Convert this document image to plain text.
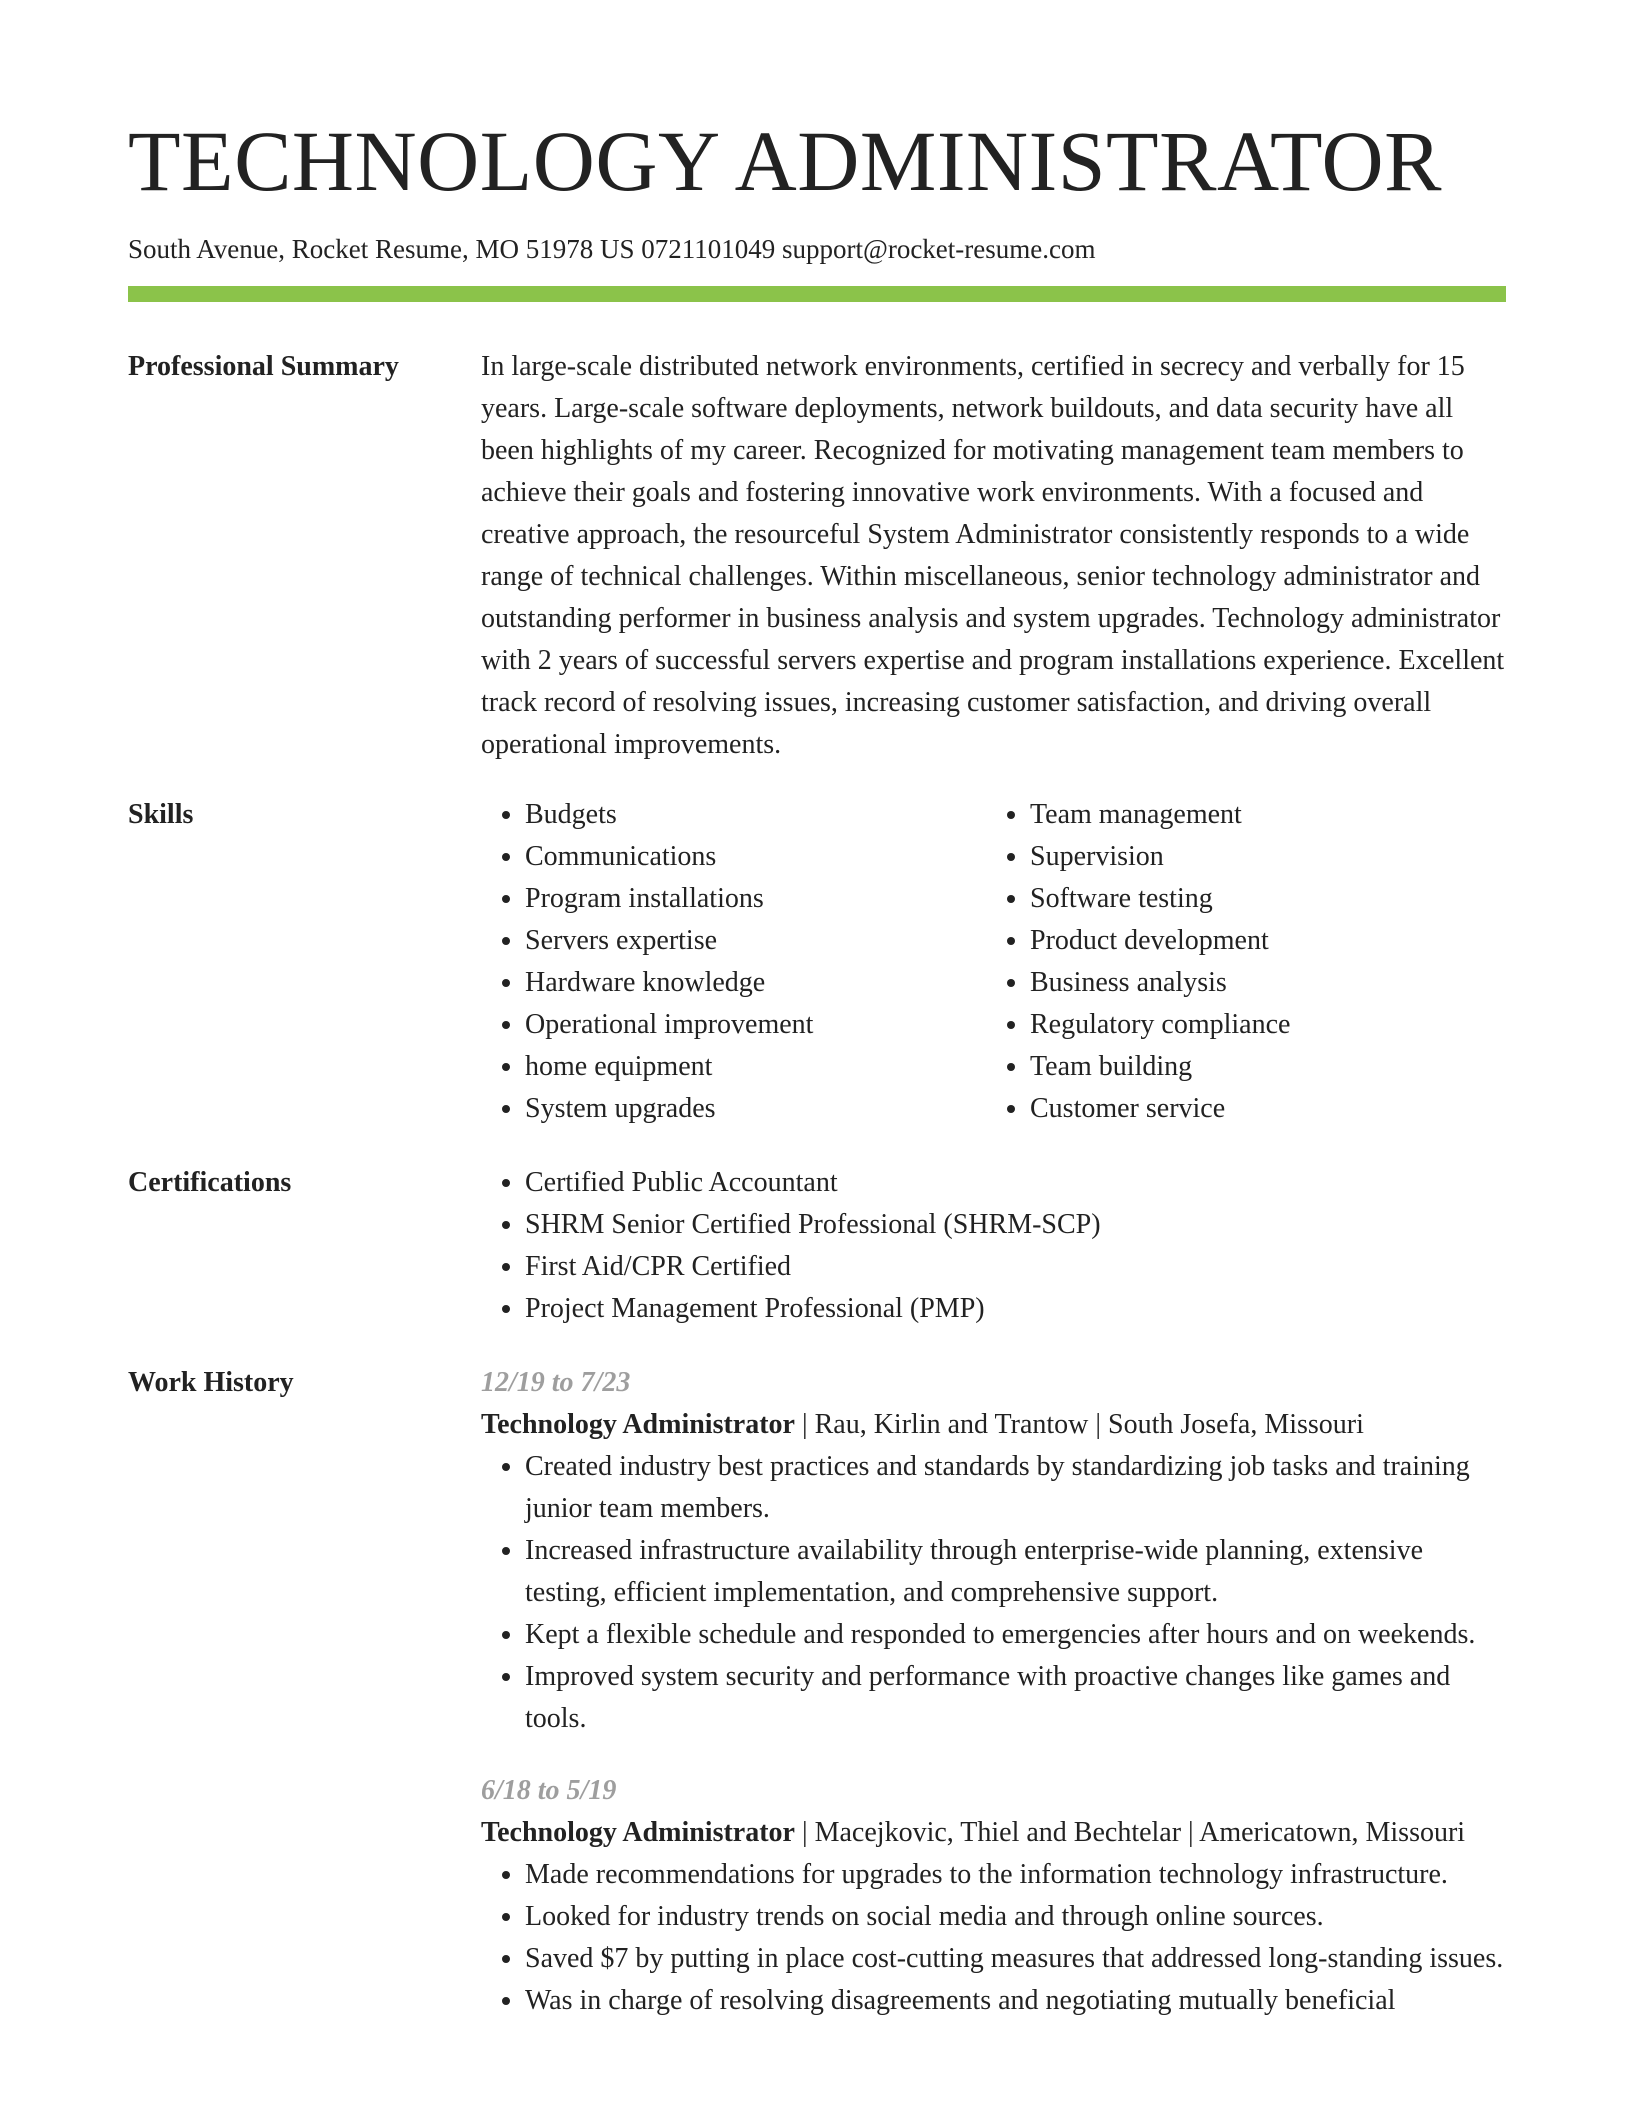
TECHNOLOGY ADMINISTRATOR
South Avenue, Rocket Resume, MO 51978 US 0721101049 support@rocket-resume.com
Professional Summary	In large-scale distributed network environments, certified in secrecy and verbally for 15 years. Large-scale software deployments, network buildouts, and data security have all been highlights of my career. Recognized for motivating management team members to achieve their goals and fostering innovative work environments. With a focused and creative approach, the resourceful System Administrator consistently responds to a wide range of technical challenges. Within miscellaneous, senior technology administrator and outstanding performer in business analysis and system upgrades. Technology administrator with 2 years of successful servers expertise and program installations experience. Excellent track record of resolving issues, increasing customer satisfaction, and driving overall operational improvements.

Skills	• Budgets
• Communications
• Program installations
• Servers expertise
• Hardware knowledge
• Operational improvement
• home equipment
• System upgrades
• Team management
• Supervision
• Software testing
• Product development
• Business analysis
• Regulatory compliance
• Team building
• Customer service
Certifications	• Certified Public Accountant
• SHRM Senior Certified Professional (SHRM-SCP)
• First Aid/CPR Certified
• Project Management Professional (PMP)
Work History	12/19 to 7/23
Technology Administrator | Rau, Kirlin and Trantow | South Josefa, Missouri
• Created industry best practices and standards by standardizing job tasks and training junior team members.
• Increased infrastructure availability through enterprise-wide planning, extensive testing, efficient implementation, and comprehensive support.
• Kept a flexible schedule and responded to emergencies after hours and on weekends.
• Improved system security and performance with proactive changes like games and tools.
6/18 to 5/19
Technology Administrator | Macejkovic, Thiel and Bechtelar | Americatown, Missouri
• Made recommendations for upgrades to the information technology infrastructure.
• Looked for industry trends on social media and through online sources.
• Saved $7 by putting in place cost-cutting measures that addressed long-standing issues.
• Was in charge of resolving disagreements and negotiating mutually beneficial
